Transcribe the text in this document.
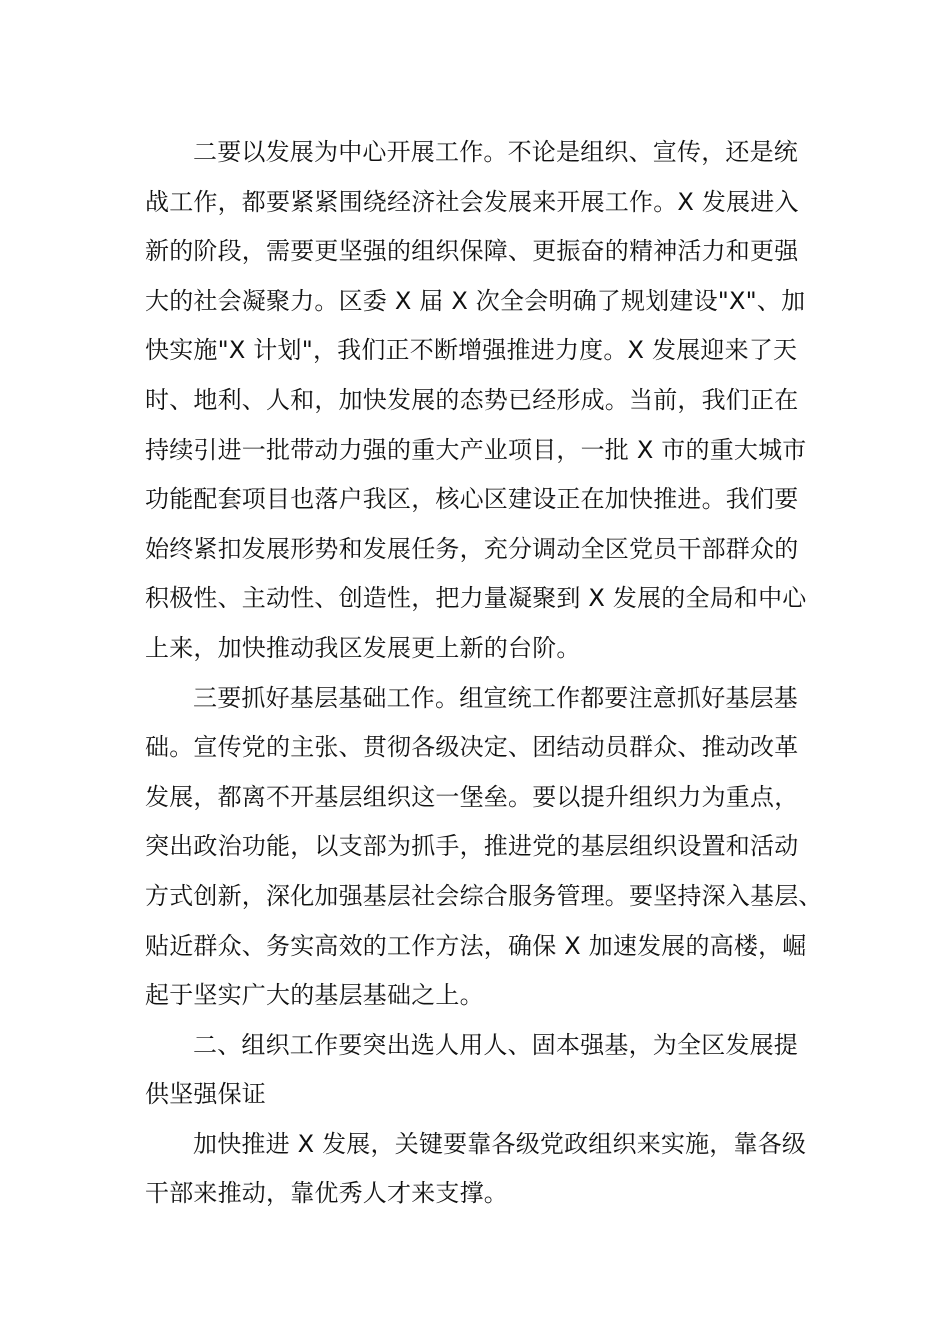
二要以发展为中心开展工作。不论是组织、宣传，还是统
战工作，都要紧紧围绕经济社会发展来开展工作。X 发展进入
新的阶段，需要更坚强的组织保障、更振奋的精神活力和更强
大的社会凝聚力。区委 X 届 X 次全会明确了规划建设"X"、加
快实施"X 计划"，我们正不断增强推进力度。X 发展迎来了天
时、地利、人和，加快发展的态势已经形成。当前，我们正在
持续引进一批带动力强的重大产业项目，一批 X 市的重大城市
功能配套项目也落户我区，核心区建设正在加快推进。我们要
始终紧扣发展形势和发展任务，充分调动全区党员干部群众的
积极性、主动性、创造性，把力量凝聚到 X 发展的全局和中心
上来，加快推动我区发展更上新的台阶。
三要抓好基层基础工作。组宣统工作都要注意抓好基层基
础。宣传党的主张、贯彻各级决定、团结动员群众、推动改革
发展，都离不开基层组织这一堡垒。要以提升组织力为重点，
突出政治功能，以支部为抓手，推进党的基层组织设置和活动
方式创新，深化加强基层社会综合服务管理。要坚持深入基层、
贴近群众、务实高效的工作方法，确保 X 加速发展的高楼，崛
起于坚实广大的基层基础之上。
二、组织工作要突出选人用人、固本强基，为全区发展提
供坚强保证
加快推进 X 发展，关键要靠各级党政组织来实施，靠各级
干部来推动，靠优秀人才来支撑。
